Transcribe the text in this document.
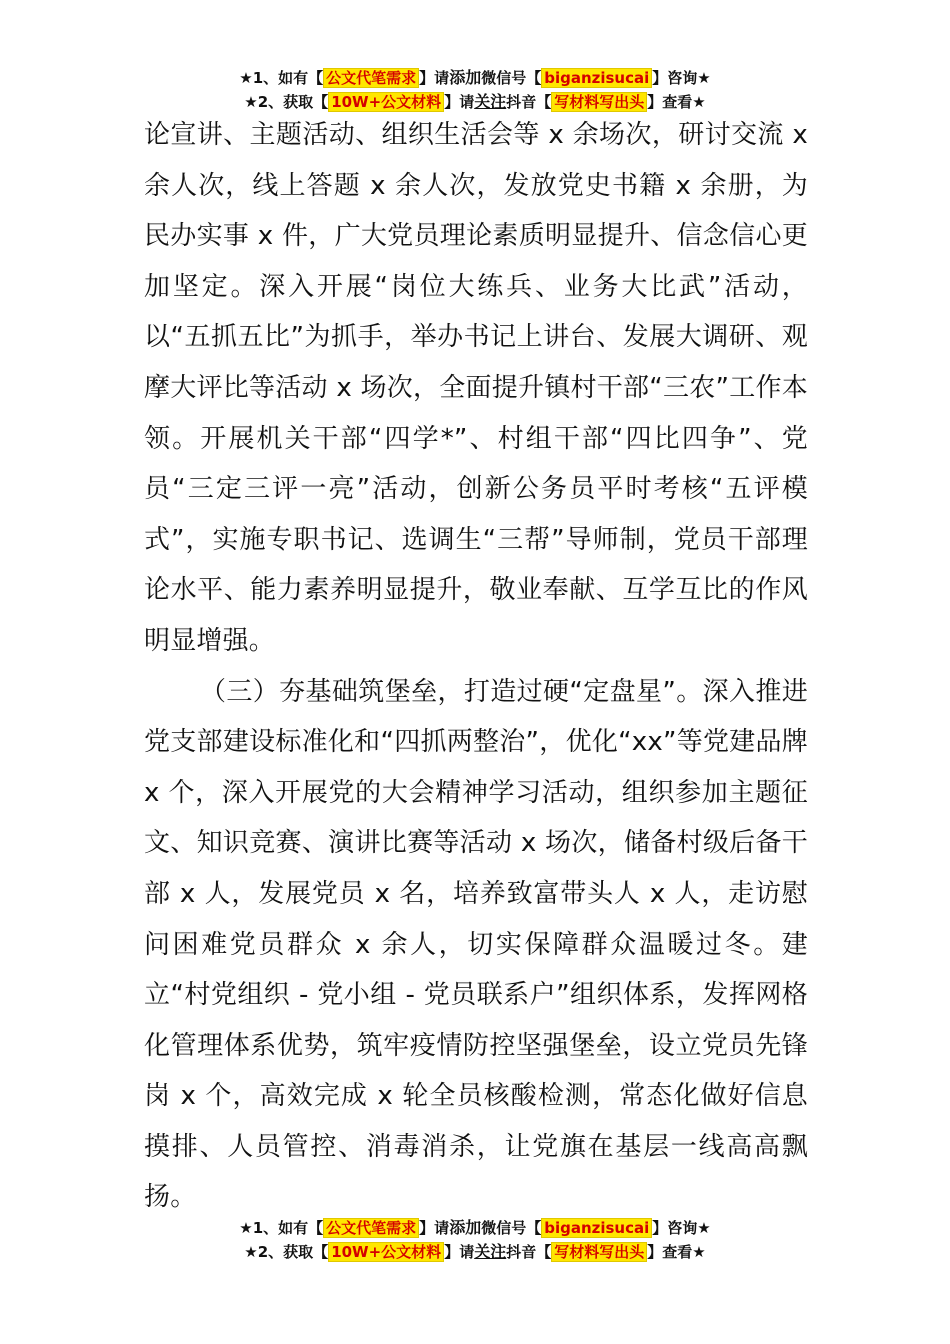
★1、如有【 公文代笔需求 】请添加微信号【 biganzisucai 】咨询★
★2、获取【 10W+公文材料 】请关注抖音【 写材料写出头 】查看★

论宣讲、主题活动、组织生活会等 x 余场次，研讨交流 x 余人次，线上答题 x 余人次，发放党史书籍 x 余册，为民办实事 x 件，广大党员理论素质明显提升、信念信心更加坚定。深入开展“岗位大练兵、业务大比武”活动，以“五抓五比”为抓手，举办书记上讲台、发展大调研、观摩大评比等活动 x 场次，全面提升镇村干部“三农”工作本领。开展机关干部“四学*”、村组干部“四比四争”、党员“三定三评一亮”活动，创新公务员平时考核“五评模式”，实施专职书记、选调生“三帮”导师制，党员干部理论水平、能力素养明显提升，敬业奉献、互学互比的作风明显增强。

（三）夯基础筑堡垒，打造过硬“定盘星”。深入推进党支部建设标准化和“四抓两整治”，优化“xx”等党建品牌 x 个，深入开展党的大会精神学习活动，组织参加主题征文、知识竞赛、演讲比赛等活动 x 场次，储备村级后备干部 x 人，发展党员 x 名，培养致富带头人 x 人，走访慰问困难党员群众 x 余人，切实保障群众温暖过冬。建立“村党组织 - 党小组 - 党员联系户”组织体系，发挥网格化管理体系优势，筑牢疫情防控坚强堡垒，设立党员先锋岗 x 个，高效完成 x 轮全员核酸检测，常态化做好信息摸排、人员管控、消毒消杀，让党旗在基层一线高高飘扬。

★1、如有【 公文代笔需求 】请添加微信号【 biganzisucai 】咨询★
★2、获取【 10W+公文材料 】请关注抖音【 写材料写出头 】查看★
